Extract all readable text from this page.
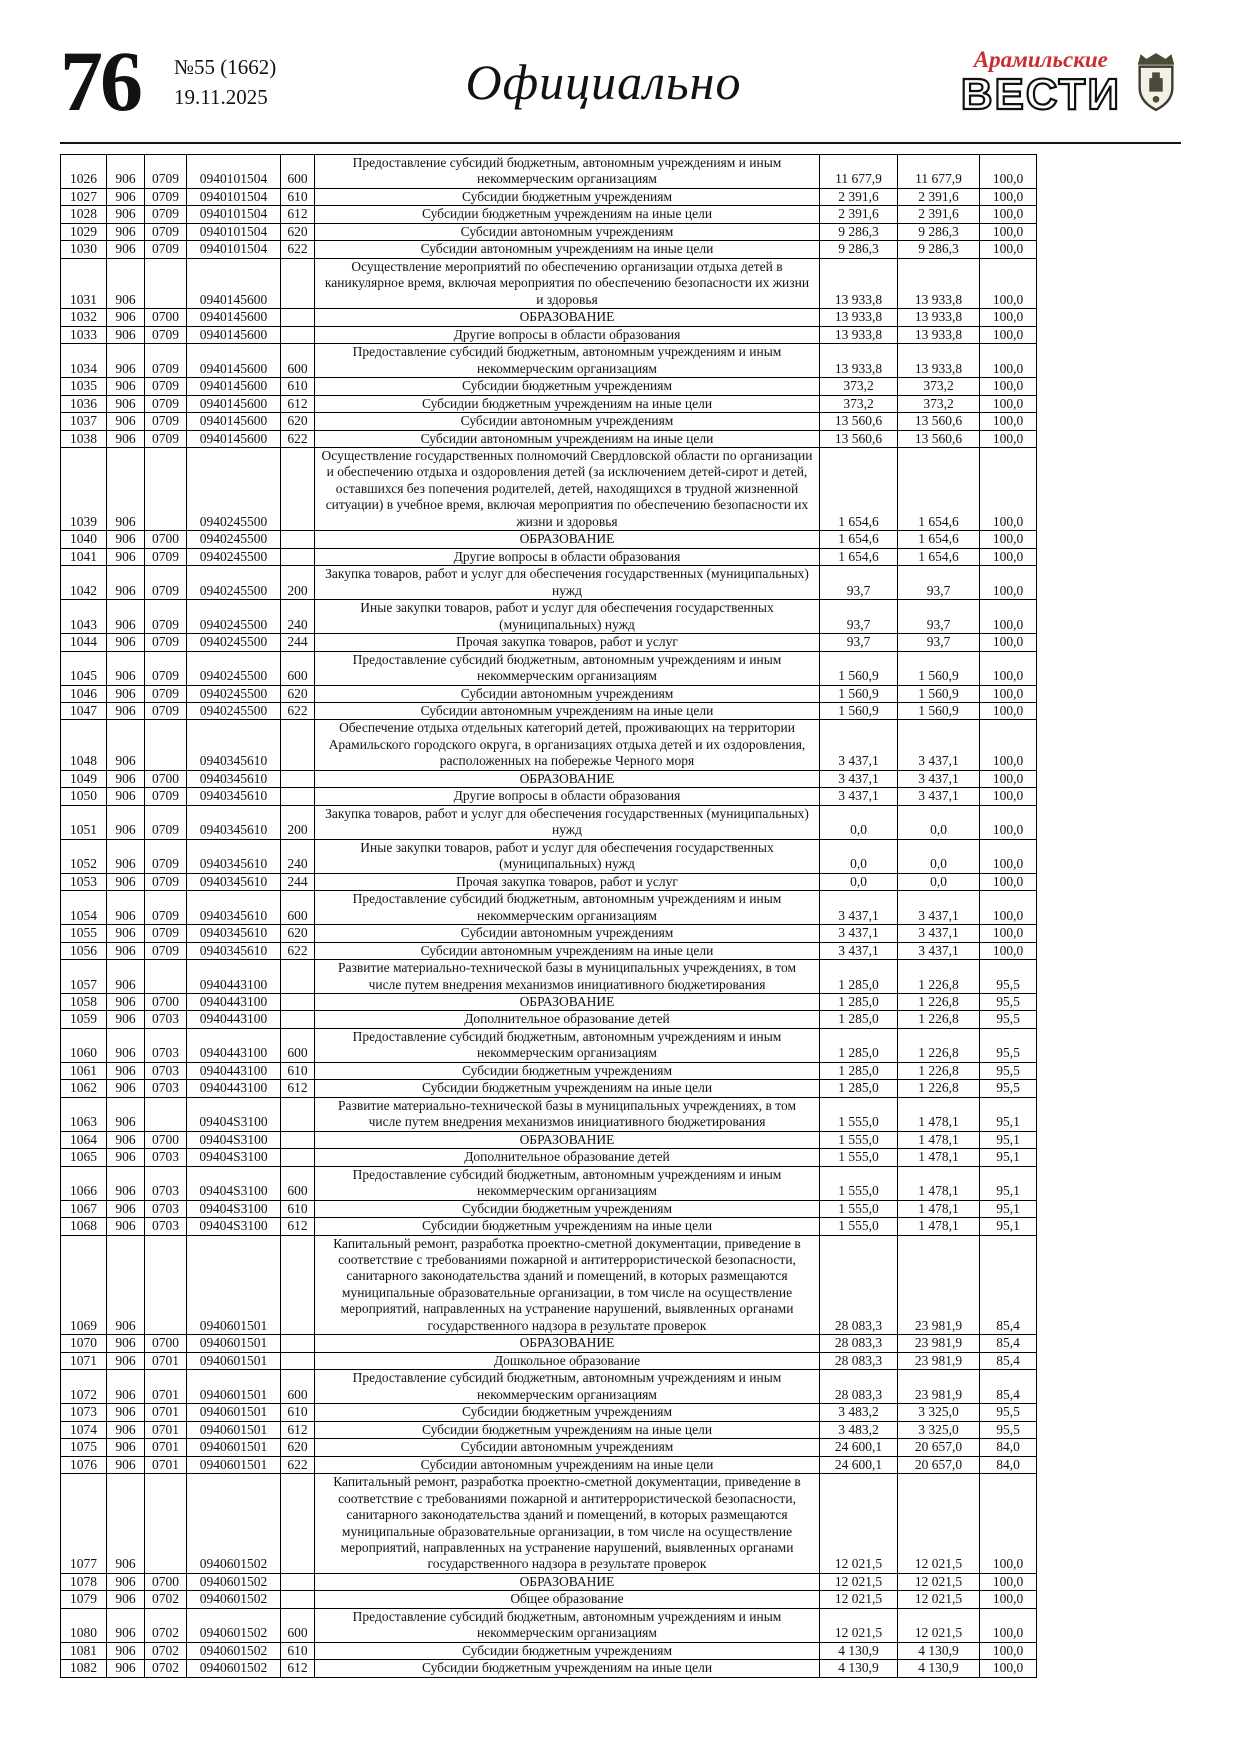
76 №55 (1662)
19.11.2025	Официально	Арамильские
ВЕСТИ
1026	906	0709	0940101504	600	Предоставление субсидий бюджетным, автономным учреждениям и иным некоммерческим организациям	11 677,9	11 677,9	100,0
1027	906	0709	0940101504	610	Субсидии бюджетным учреждениям	2 391,6	2 391,6	100,0
1028	906	0709	0940101504	612	Субсидии бюджетным учреждениям на иные цели	2 391,6	2 391,6	100,0
1029	906	0709	0940101504	620	Субсидии автономным учреждениям	9 286,3	9 286,3	100,0
1030	906	0709	0940101504	622	Субсидии автономным учреждениям на иные цели	9 286,3	9 286,3	100,0
1031	906		0940145600		Осуществление мероприятий по обеспечению организации отдыха детей в каникулярное время, включая мероприятия по обеспечению безопасности их жизни и здоровья	13 933,8	13 933,8	100,0
1032	906	0700	0940145600		ОБРАЗОВАНИЕ	13 933,8	13 933,8	100,0
1033	906	0709	0940145600		Другие вопросы в области образования	13 933,8	13 933,8	100,0
1034	906	0709	0940145600	600	Предоставление субсидий бюджетным, автономным учреждениям и иным некоммерческим организациям	13 933,8	13 933,8	100,0
1035	906	0709	0940145600	610	Субсидии бюджетным учреждениям	373,2	373,2	100,0
1036	906	0709	0940145600	612	Субсидии бюджетным учреждениям на иные цели	373,2	373,2	100,0
1037	906	0709	0940145600	620	Субсидии автономным учреждениям	13 560,6	13 560,6	100,0
1038	906	0709	0940145600	622	Субсидии автономным учреждениям на иные цели	13 560,6	13 560,6	100,0
1039	906		0940245500		Осуществление государственных полномочий Свердловской области по организации и обеспечению отдыха и оздоровления детей (за исключением детей-сирот и детей, оставшихся без попечения родителей, детей, находящихся в трудной жизненной ситуации) в учебное время, включая мероприятия по обеспечению безопасности их жизни и здоровья	1 654,6	1 654,6	100,0
1040	906	0700	0940245500		ОБРАЗОВАНИЕ	1 654,6	1 654,6	100,0
1041	906	0709	0940245500		Другие вопросы в области образования	1 654,6	1 654,6	100,0
1042	906	0709	0940245500	200	Закупка товаров, работ и услуг для обеспечения государственных (муниципальных) нужд	93,7	93,7	100,0
1043	906	0709	0940245500	240	Иные закупки товаров, работ и услуг для обеспечения государственных (муниципальных) нужд	93,7	93,7	100,0
1044	906	0709	0940245500	244	Прочая закупка товаров, работ и услуг	93,7	93,7	100,0
1045	906	0709	0940245500	600	Предоставление субсидий бюджетным, автономным учреждениям и иным некоммерческим организациям	1 560,9	1 560,9	100,0
1046	906	0709	0940245500	620	Субсидии автономным учреждениям	1 560,9	1 560,9	100,0
1047	906	0709	0940245500	622	Субсидии автономным учреждениям на иные цели	1 560,9	1 560,9	100,0
1048	906		0940345610		Обеспечение отдыха отдельных категорий детей, проживающих на территории Арамильского городского округа, в организациях отдыха детей и их оздоровления, расположенных на побережье Черного моря	3 437,1	3 437,1	100,0
1049	906	0700	0940345610		ОБРАЗОВАНИЕ	3 437,1	3 437,1	100,0
1050	906	0709	0940345610		Другие вопросы в области образования	3 437,1	3 437,1	100,0
1051	906	0709	0940345610	200	Закупка товаров, работ и услуг для обеспечения государственных (муниципальных) нужд	0,0	0,0	100,0
1052	906	0709	0940345610	240	Иные закупки товаров, работ и услуг для обеспечения государственных (муниципальных) нужд	0,0	0,0	100,0
1053	906	0709	0940345610	244	Прочая закупка товаров, работ и услуг	0,0	0,0	100,0
1054	906	0709	0940345610	600	Предоставление субсидий бюджетным, автономным учреждениям и иным некоммерческим организациям	3 437,1	3 437,1	100,0
1055	906	0709	0940345610	620	Субсидии автономным учреждениям	3 437,1	3 437,1	100,0
1056	906	0709	0940345610	622	Субсидии автономным учреждениям на иные цели	3 437,1	3 437,1	100,0
1057	906		0940443100		Развитие материально-технической базы в муниципальных учреждениях, в том числе путем внедрения механизмов инициативного бюджетирования	1 285,0	1 226,8	95,5
1058	906	0700	0940443100		ОБРАЗОВАНИЕ	1 285,0	1 226,8	95,5
1059	906	0703	0940443100		Дополнительное образование детей	1 285,0	1 226,8	95,5
1060	906	0703	0940443100	600	Предоставление субсидий бюджетным, автономным учреждениям и иным некоммерческим организациям	1 285,0	1 226,8	95,5
1061	906	0703	0940443100	610	Субсидии бюджетным учреждениям	1 285,0	1 226,8	95,5
1062	906	0703	0940443100	612	Субсидии бюджетным учреждениям на иные цели	1 285,0	1 226,8	95,5
1063	906		09404S3100		Развитие материально-технической базы в муниципальных учреждениях, в том числе путем внедрения механизмов инициативного бюджетирования	1 555,0	1 478,1	95,1
1064	906	0700	09404S3100		ОБРАЗОВАНИЕ	1 555,0	1 478,1	95,1
1065	906	0703	09404S3100		Дополнительное образование детей	1 555,0	1 478,1	95,1
1066	906	0703	09404S3100	600	Предоставление субсидий бюджетным, автономным учреждениям и иным некоммерческим организациям	1 555,0	1 478,1	95,1
1067	906	0703	09404S3100	610	Субсидии бюджетным учреждениям	1 555,0	1 478,1	95,1
1068	906	0703	09404S3100	612	Субсидии бюджетным учреждениям на иные цели	1 555,0	1 478,1	95,1
1069	906		0940601501		Капитальный ремонт, разработка проектно-сметной документации, приведение в соответствие с требованиями пожарной и антитеррористической безопасности, санитарного законодательства зданий и помещений, в которых размещаются муниципальные образовательные организации, в том числе на осуществление мероприятий, направленных на устранение нарушений, выявленных органами государственного надзора в результате проверок	28 083,3	23 981,9	85,4
1070	906	0700	0940601501		ОБРАЗОВАНИЕ	28 083,3	23 981,9	85,4
1071	906	0701	0940601501		Дошкольное образование	28 083,3	23 981,9	85,4
1072	906	0701	0940601501	600	Предоставление субсидий бюджетным, автономным учреждениям и иным некоммерческим организациям	28 083,3	23 981,9	85,4
1073	906	0701	0940601501	610	Субсидии бюджетным учреждениям	3 483,2	3 325,0	95,5
1074	906	0701	0940601501	612	Субсидии бюджетным учреждениям на иные цели	3 483,2	3 325,0	95,5
1075	906	0701	0940601501	620	Субсидии автономным учреждениям	24 600,1	20 657,0	84,0
1076	906	0701	0940601501	622	Субсидии автономным учреждениям на иные цели	24 600,1	20 657,0	84,0
1077	906		0940601502		Капитальный ремонт, разработка проектно-сметной документации, приведение в соответствие с требованиями пожарной и антитеррористической безопасности, санитарного законодательства зданий и помещений, в которых размещаются муниципальные образовательные организации, в том числе на осуществление мероприятий, направленных на устранение нарушений, выявленных органами государственного надзора в результате проверок	12 021,5	12 021,5	100,0
1078	906	0700	0940601502		ОБРАЗОВАНИЕ	12 021,5	12 021,5	100,0
1079	906	0702	0940601502		Общее образование	12 021,5	12 021,5	100,0
1080	906	0702	0940601502	600	Предоставление субсидий бюджетным, автономным учреждениям и иным некоммерческим организациям	12 021,5	12 021,5	100,0
1081	906	0702	0940601502	610	Субсидии бюджетным учреждениям	4 130,9	4 130,9	100,0
1082	906	0702	0940601502	612	Субсидии бюджетным учреждениям на иные цели	4 130,9	4 130,9	100,0
